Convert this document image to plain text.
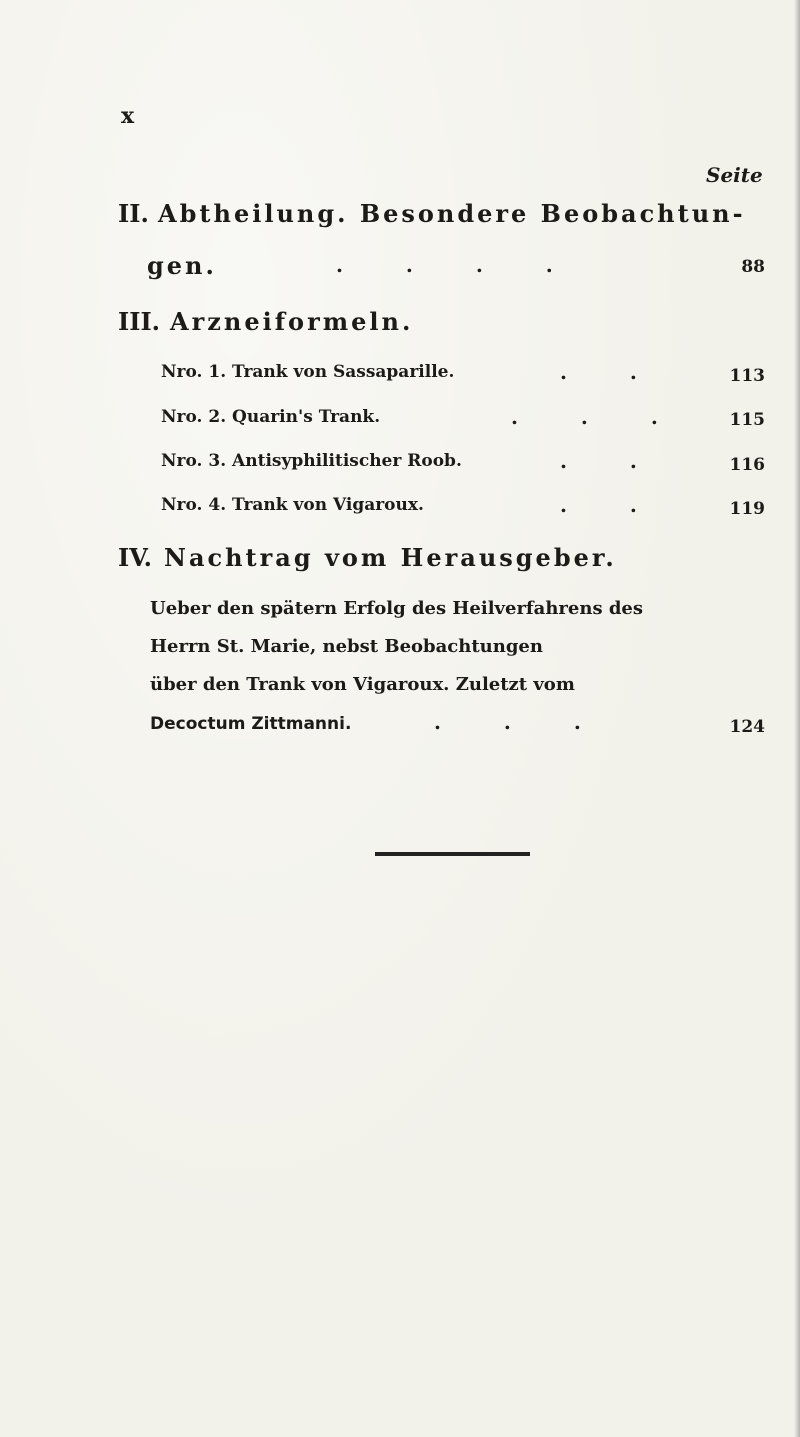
x
Seite
II. Abtheilung. Besondere Beobachtun-
gen.	. . . .	88
III. Arzneiformeln.
Nro. 1. Trank von Sassaparille.	. .	113
Nro. 2. Quarin's Trank.	. . .	115
Nro. 3. Antisyphilitischer Roob.	. .	116
Nro. 4. Trank von Vigaroux.	. .	119
IV. Nachtrag vom Herausgeber.
Ueber den spätern Erfolg des Heilverfahrens des
Herrn St. Marie, nebst Beobachtungen
über den Trank von Vigaroux. Zuletzt vom
Decoctum Zittmanni.	. . .	124
